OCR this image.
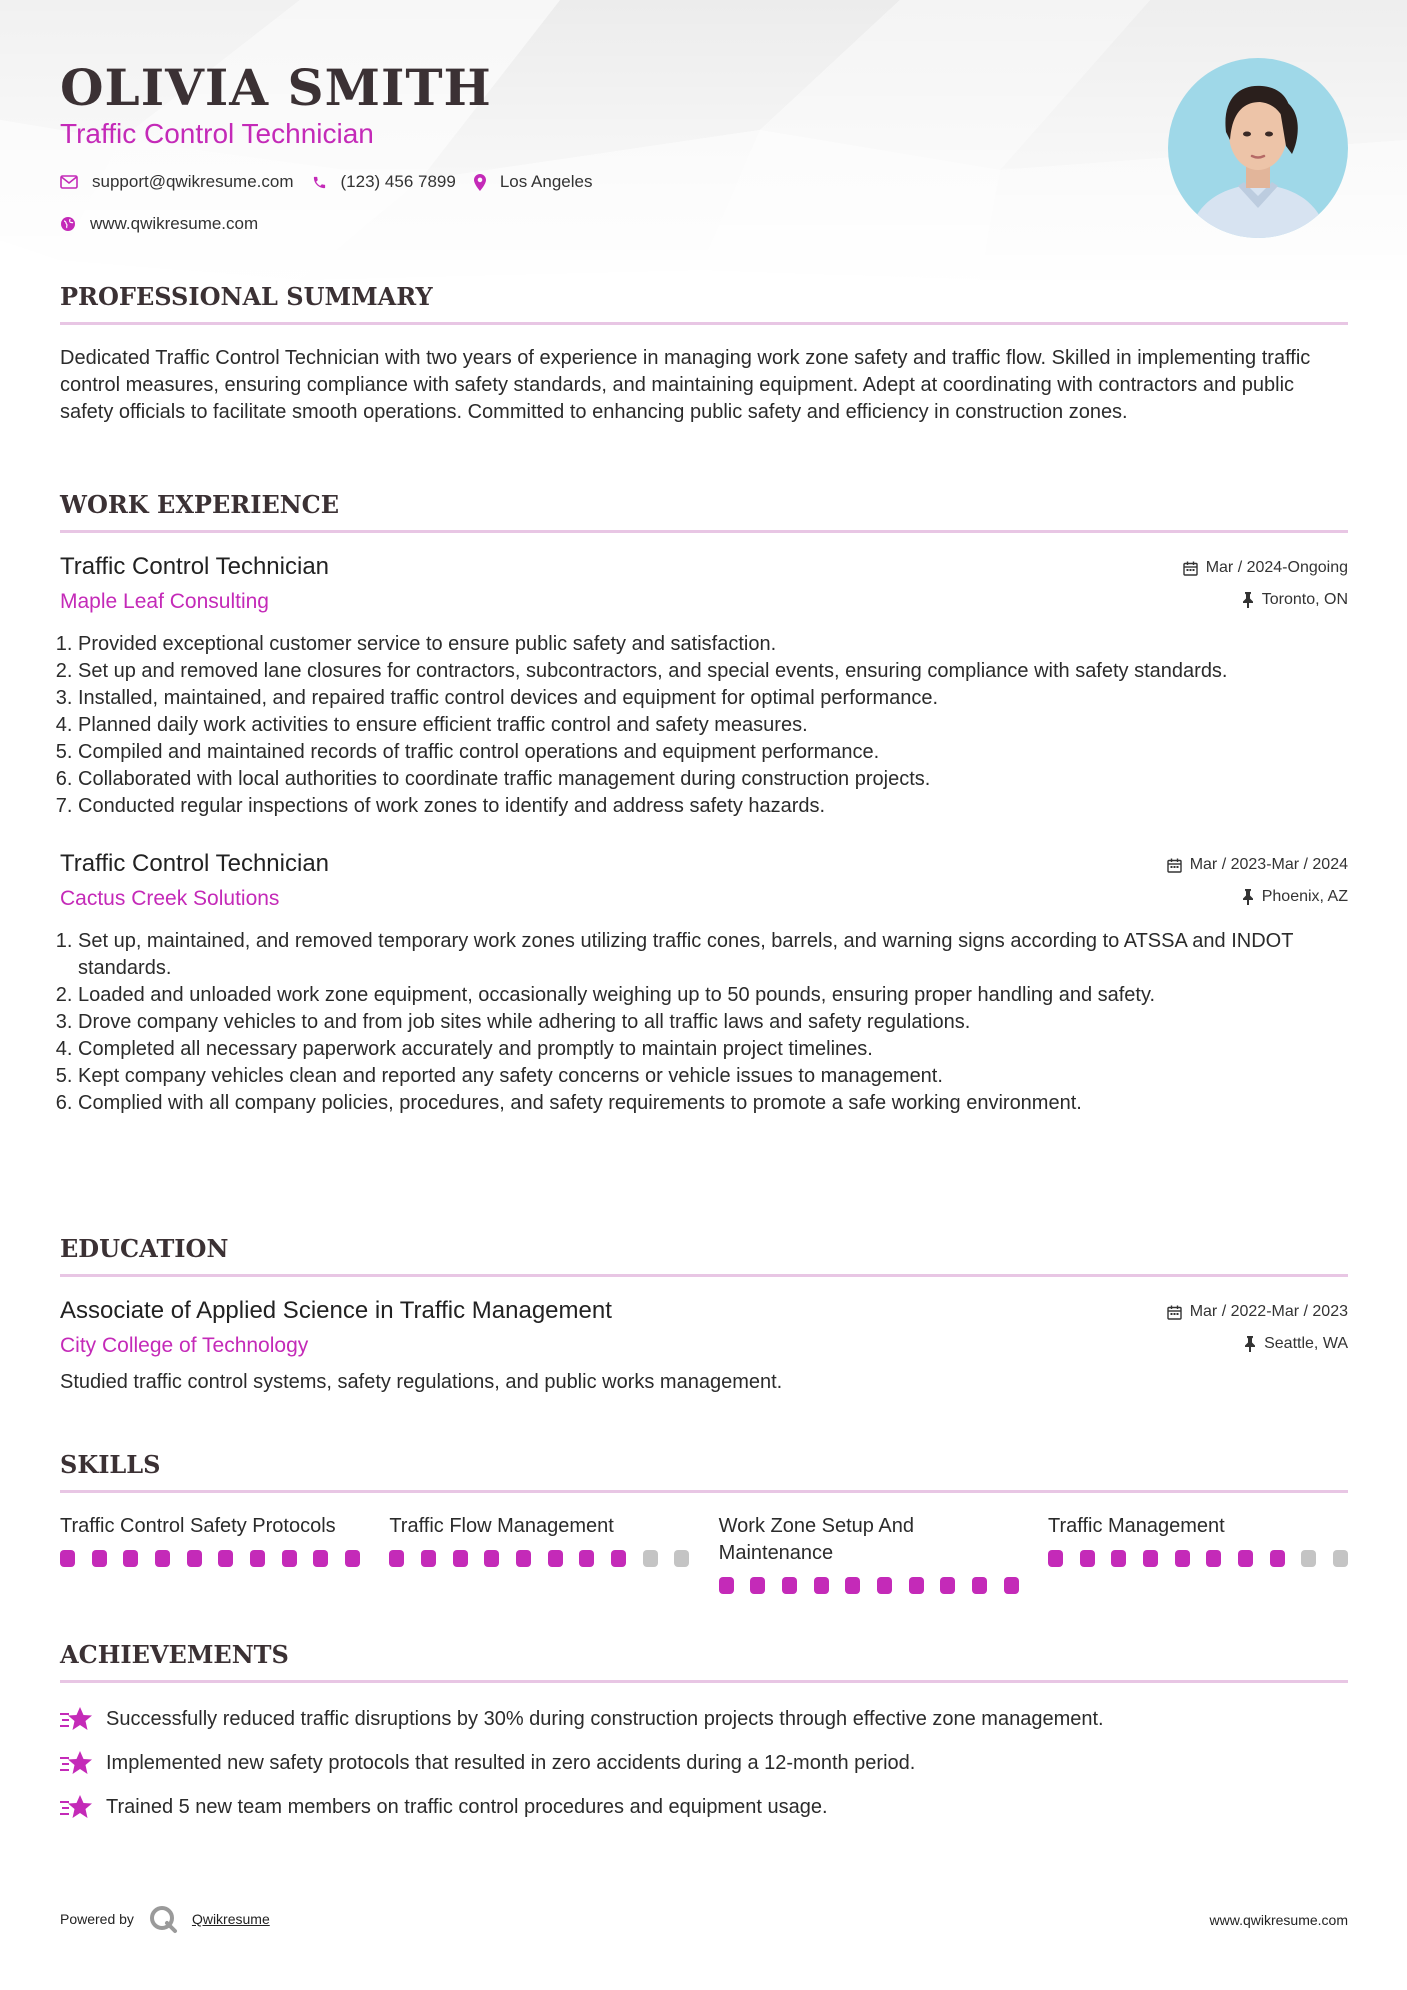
OLIVIA SMITH

Traffic Control Technician

support@qwikresume.com	(123) 456 7899	Los Angeles
www.qwikresume.com
PROFESSIONAL SUMMARY

Dedicated Traffic Control Technician with two years of experience in managing work zone safety and traffic flow. Skilled in implementing traffic control measures, ensuring compliance with safety standards, and maintaining equipment. Adept at coordinating with contractors and public safety officials to facilitate smooth operations. Committed to enhancing public safety and efficiency in construction zones.

WORK EXPERIENCE

Traffic Control Technician

Maple Leaf Consulting

Mar / 2024-Ongoing
Toronto, ON
1. Provided exceptional customer service to ensure public safety and satisfaction.
2. Set up and removed lane closures for contractors, subcontractors, and special events, ensuring compliance with safety standards.
3. Installed, maintained, and repaired traffic control devices and equipment for optimal performance.
4. Planned daily work activities to ensure efficient traffic control and safety measures.
5. Compiled and maintained records of traffic control operations and equipment performance.
6. Collaborated with local authorities to coordinate traffic management during construction projects.
7. Conducted regular inspections of work zones to identify and address safety hazards.

Traffic Control Technician

Cactus Creek Solutions

Mar / 2023-Mar / 2024
Phoenix, AZ
1. Set up, maintained, and removed temporary work zones utilizing traffic cones, barrels, and warning signs according to ATSSA and INDOT standards.
2. Loaded and unloaded work zone equipment, occasionally weighing up to 50 pounds, ensuring proper handling and safety.
3. Drove company vehicles to and from job sites while adhering to all traffic laws and safety regulations.
4. Completed all necessary paperwork accurately and promptly to maintain project timelines.
5. Kept company vehicles clean and reported any safety concerns or vehicle issues to management.
6. Complied with all company policies, procedures, and safety requirements to promote a safe working environment.
EDUCATION

Associate of Applied Science in Traffic Management

City College of Technology

Mar / 2022-Mar / 2023
Seattle, WA

Studied traffic control systems, safety regulations, and public works management.

SKILLS

Traffic Control Safety Protocols	Traffic Flow Management	Work Zone Setup And Maintenance

Traffic Management

ACHIEVEMENTS
Successfully reduced traffic disruptions by 30% during construction projects through effective zone management.
Implemented new safety protocols that resulted in zero accidents during a 12-month period.
Trained 5 new team members on traffic control procedures and equipment usage.
Powered by	Qwikresume	www.qwikresume.com
